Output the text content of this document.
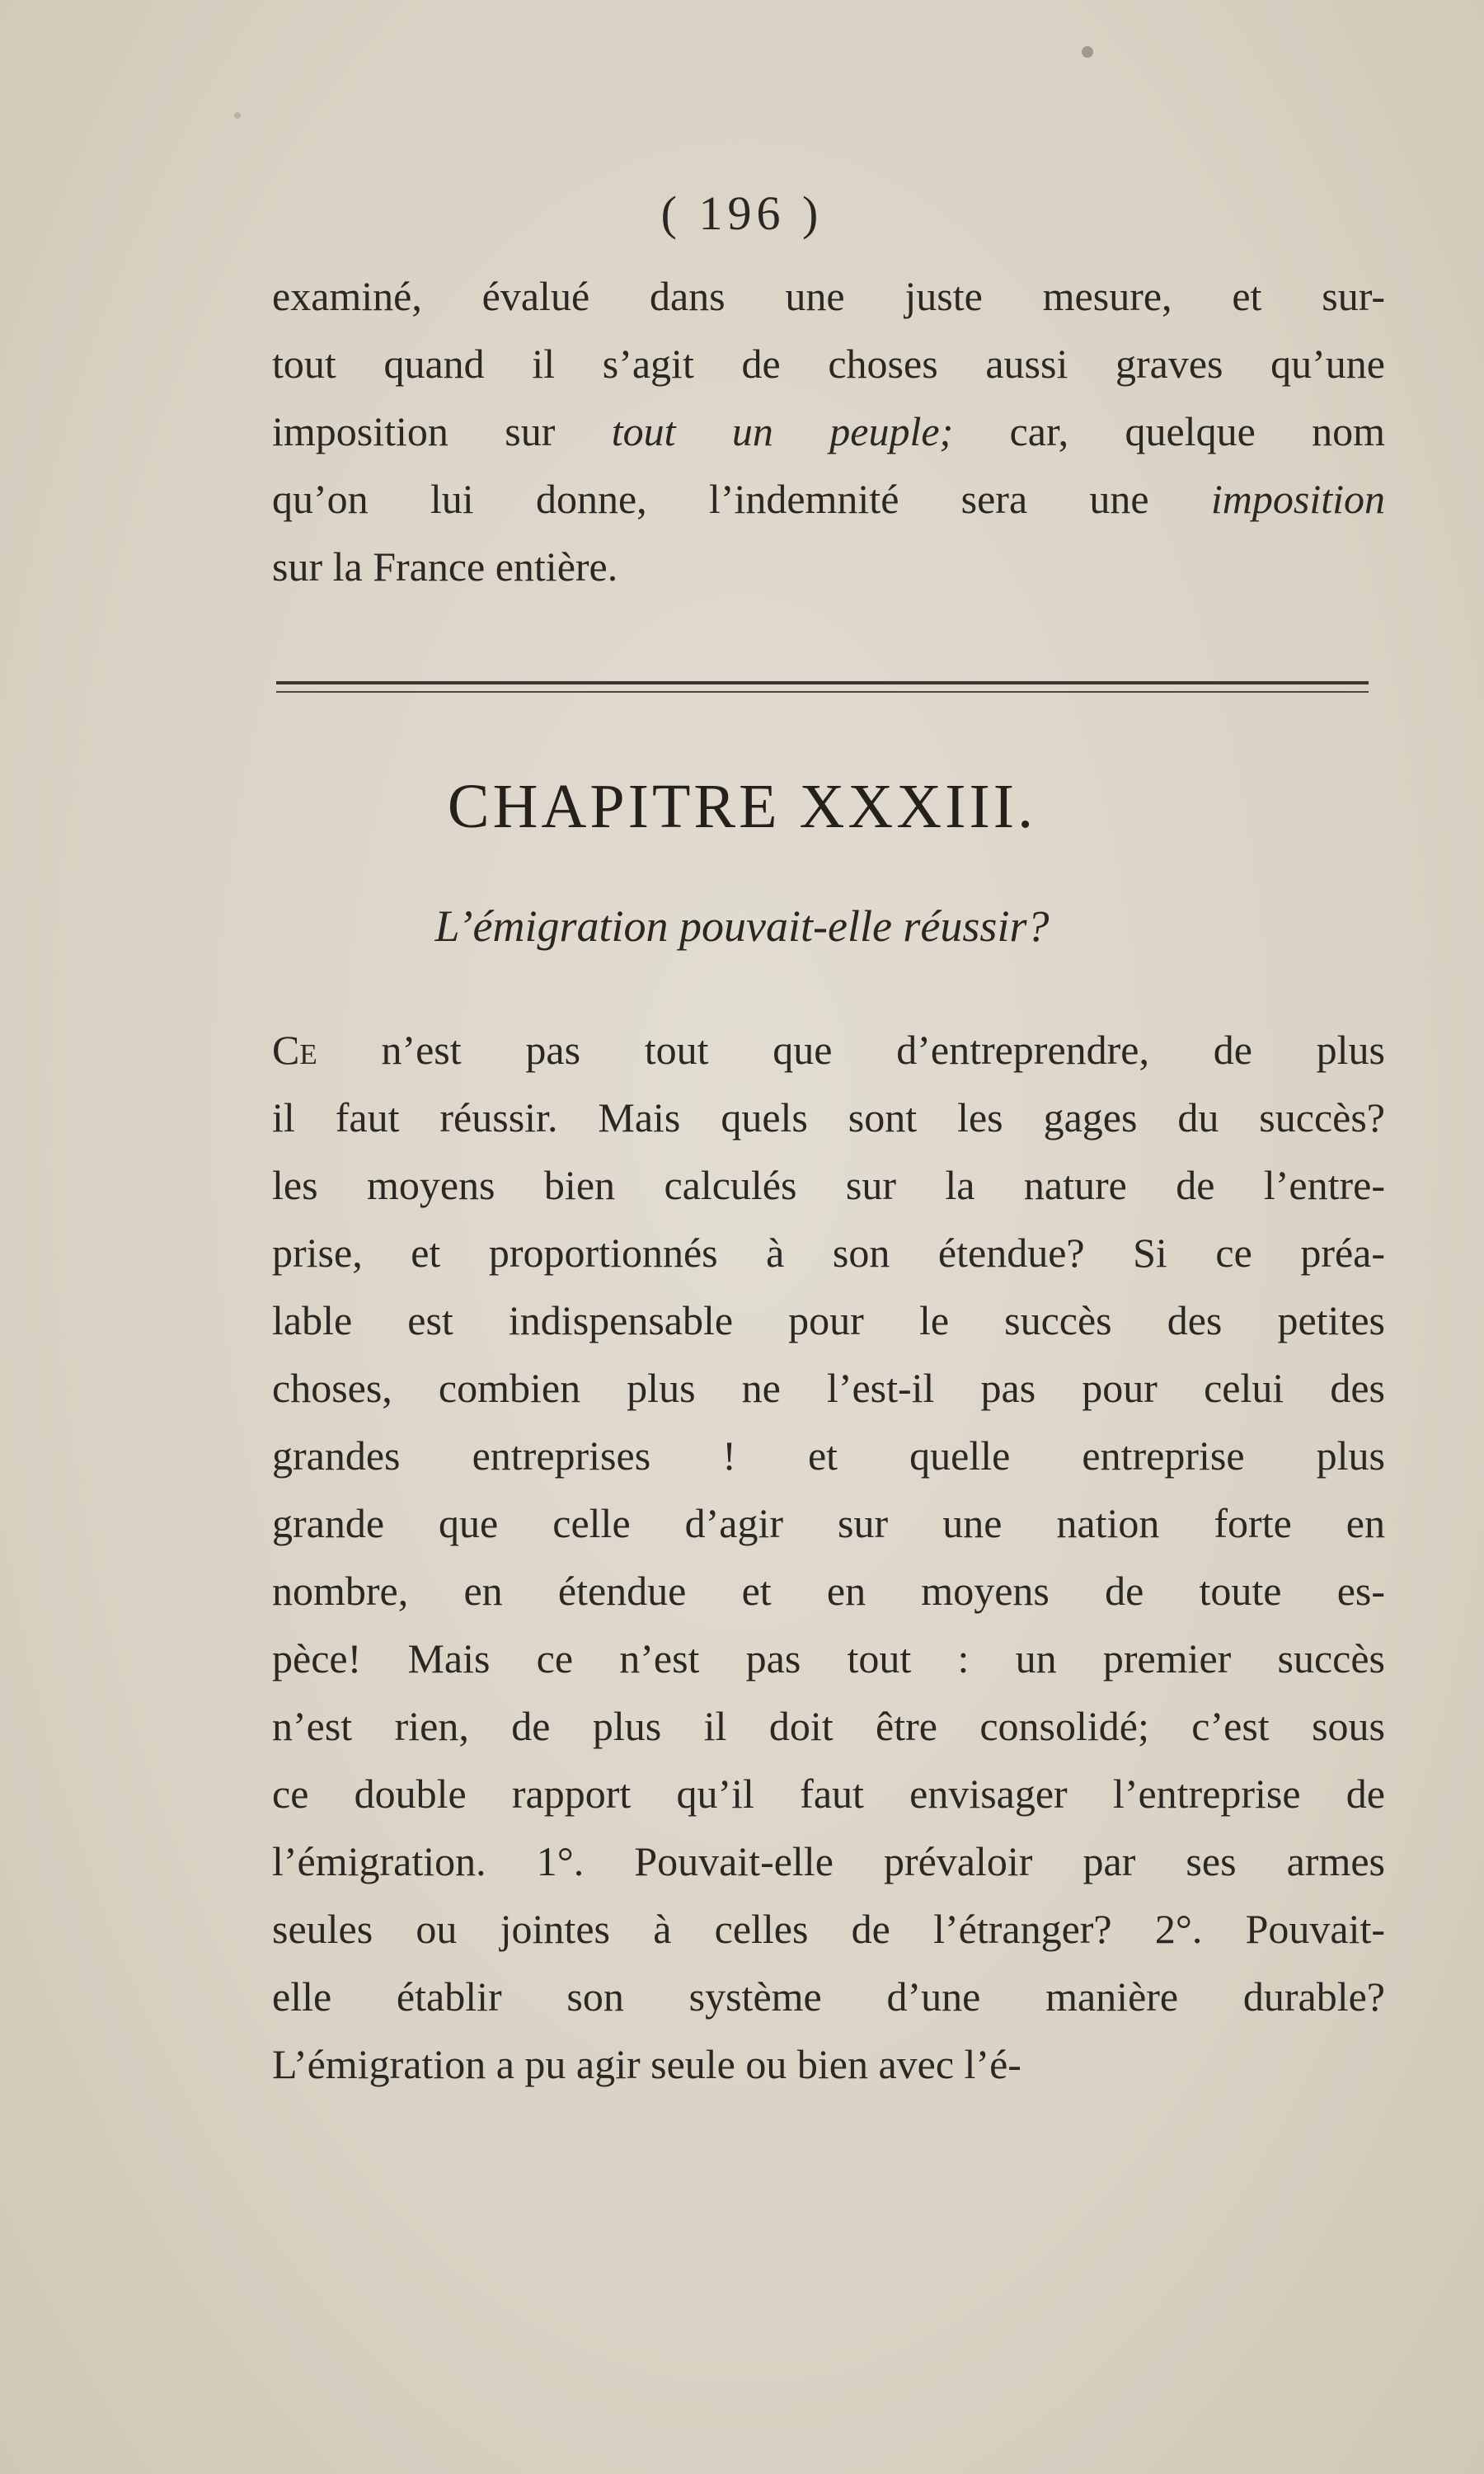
( 196 )
examiné, évalué dans une juste mesure, et sur-
tout quand il s’agit de choses aussi graves qu’une
imposition sur tout un peuple; car, quelque nom
qu’on lui donne, l’indemnité sera une imposition
sur la France entière.
CHAPITRE XXXIII.
L’émigration pouvait-elle réussir?
Ce n’est pas tout que d’entreprendre, de plus
il faut réussir. Mais quels sont les gages du succès?
les moyens bien calculés sur la nature de l’entre-
prise, et proportionnés à son étendue? Si ce préa-
lable est indispensable pour le succès des petites
choses, combien plus ne l’est-il pas pour celui des
grandes entreprises ! et quelle entreprise plus
grande que celle d’agir sur une nation forte en
nombre, en étendue et en moyens de toute es-
pèce! Mais ce n’est pas tout : un premier succès
n’est rien, de plus il doit être consolidé; c’est sous
ce double rapport qu’il faut envisager l’entreprise de
l’émigration. 1°. Pouvait-elle prévaloir par ses armes
seules ou jointes à celles de l’étranger? 2°. Pouvait-
elle établir son système d’une manière durable?
L’émigration a pu agir seule ou bien avec l’é-
